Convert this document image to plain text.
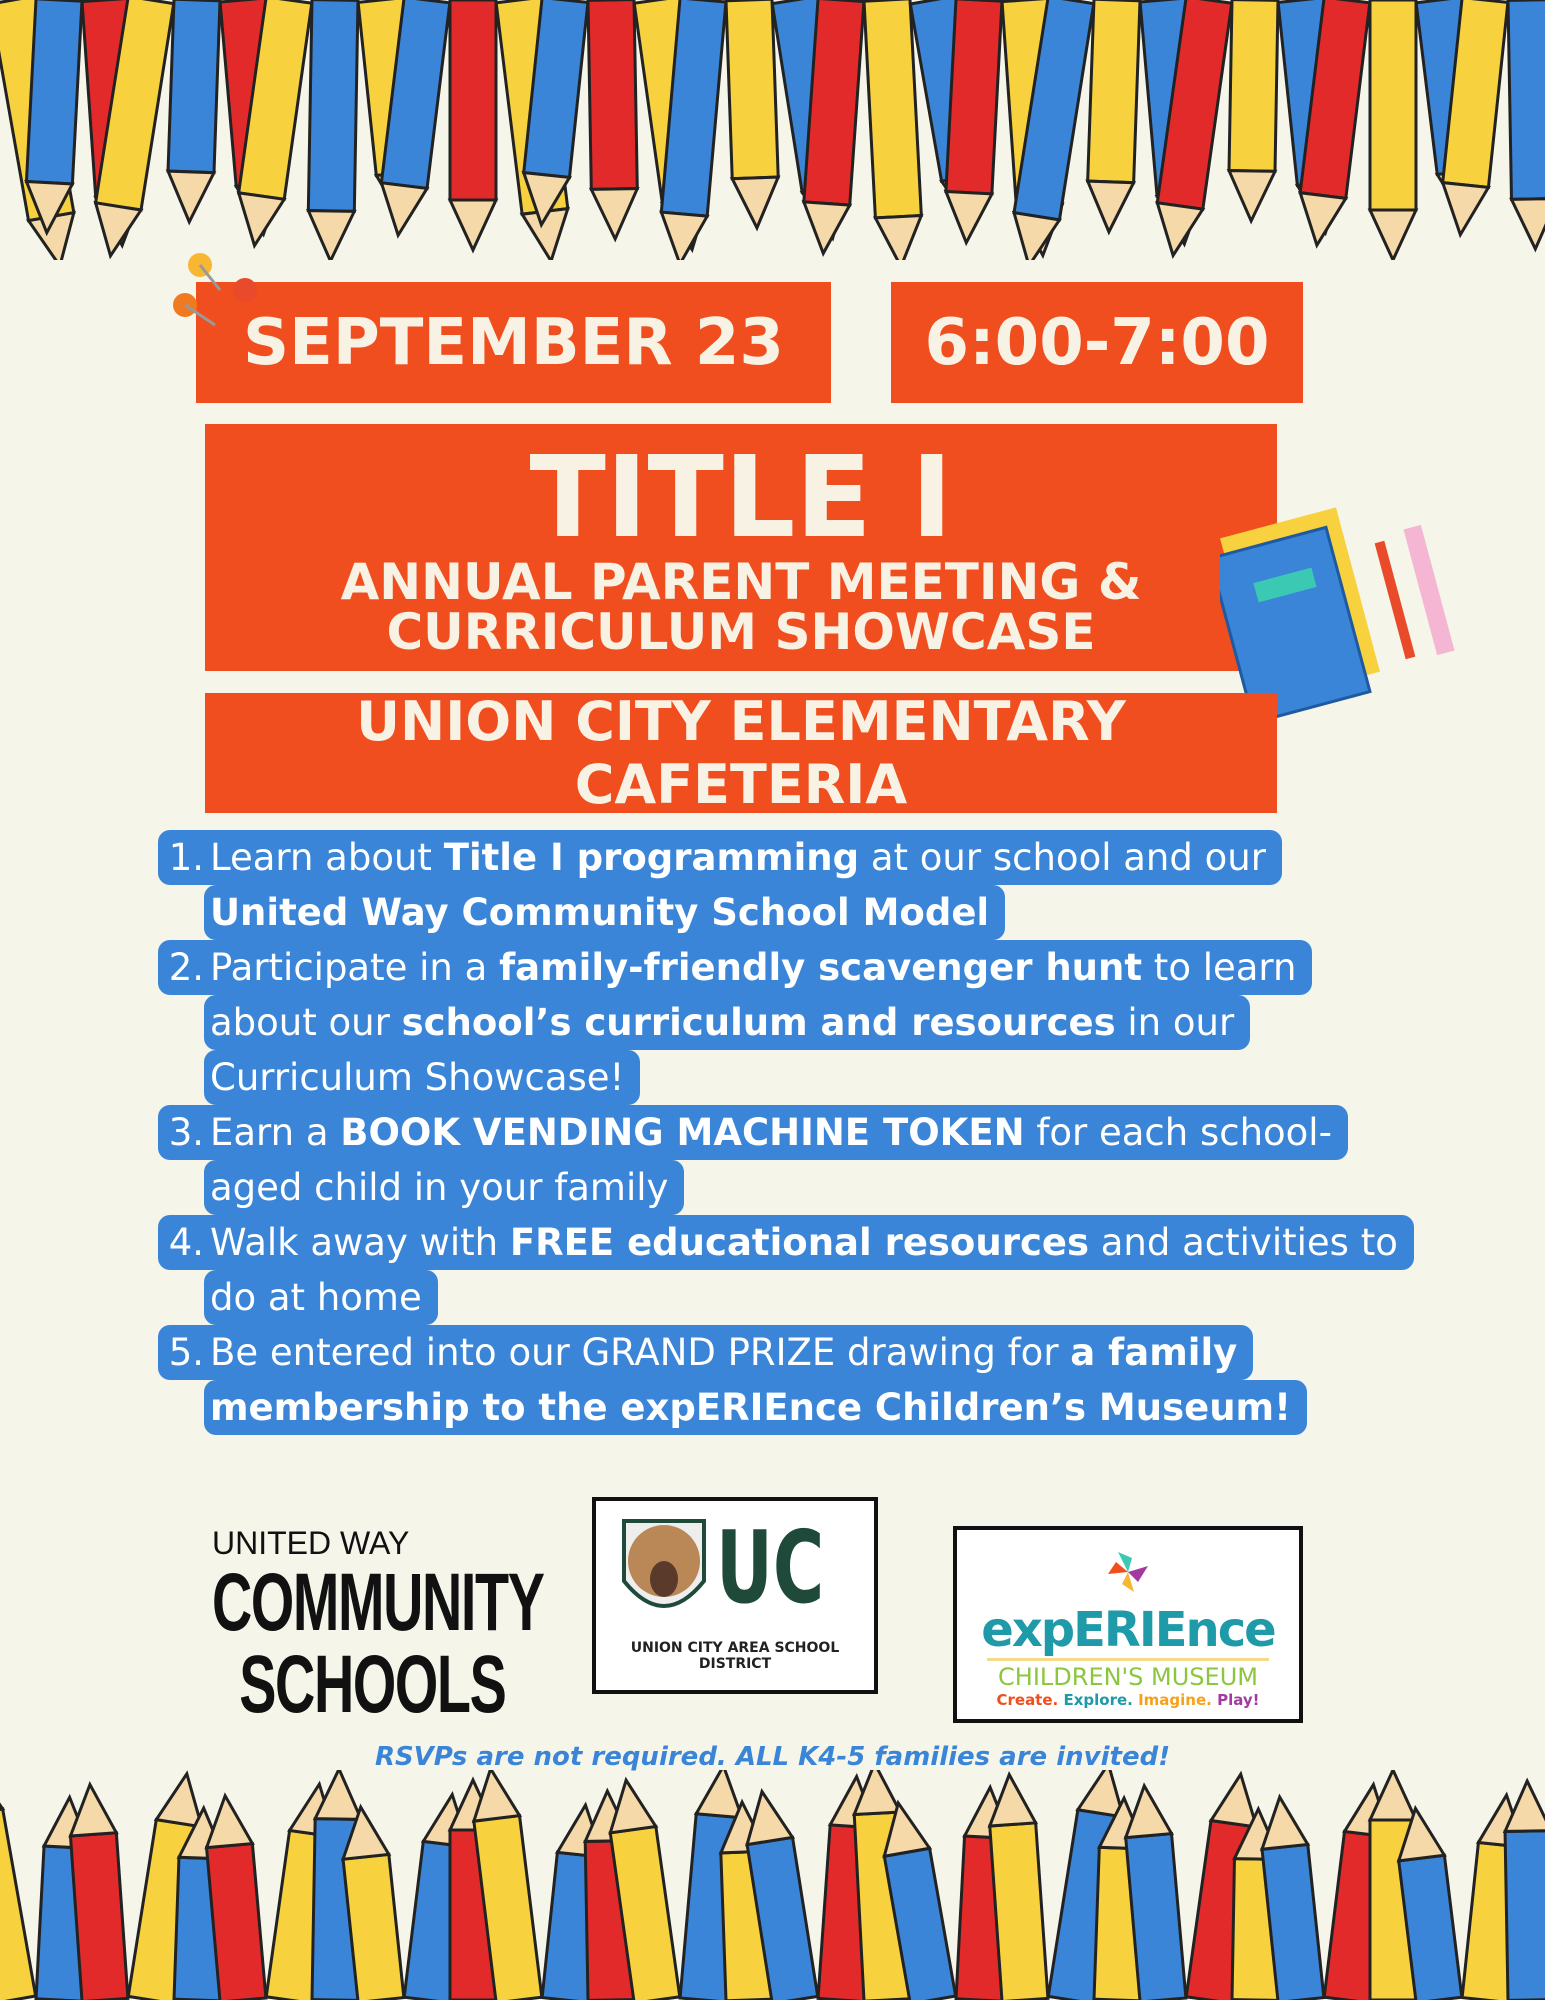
SEPTEMBER 23	6:00-7:00
TITLE I
ANNUAL PARENT MEETING &
CURRICULUM SHOWCASE
UNION CITY ELEMENTARY CAFETERIA
1. Learn about Title I programming at our school and our
United Way Community School Model
2. Participate in a family-friendly scavenger hunt to learn
about our school’s curriculum and resources in our
Curriculum Showcase!
3. Earn a BOOK VENDING MACHINE TOKEN for each school-
aged child in your family
4. Walk away with FREE educational resources and activities to
do at home
5. Be entered into our GRAND PRIZE drawing for a family
membership to the expERIEnce Children’s Museum!
UNITED WAY
COMMUNITY
SCHOOLS
UC
UNION CITY AREA SCHOOL DISTRICT
expERIEnce
CHILDREN'S MUSEUM
Create. Explore. Imagine. Play!
RSVPs are not required. ALL K4-5 families are invited!
